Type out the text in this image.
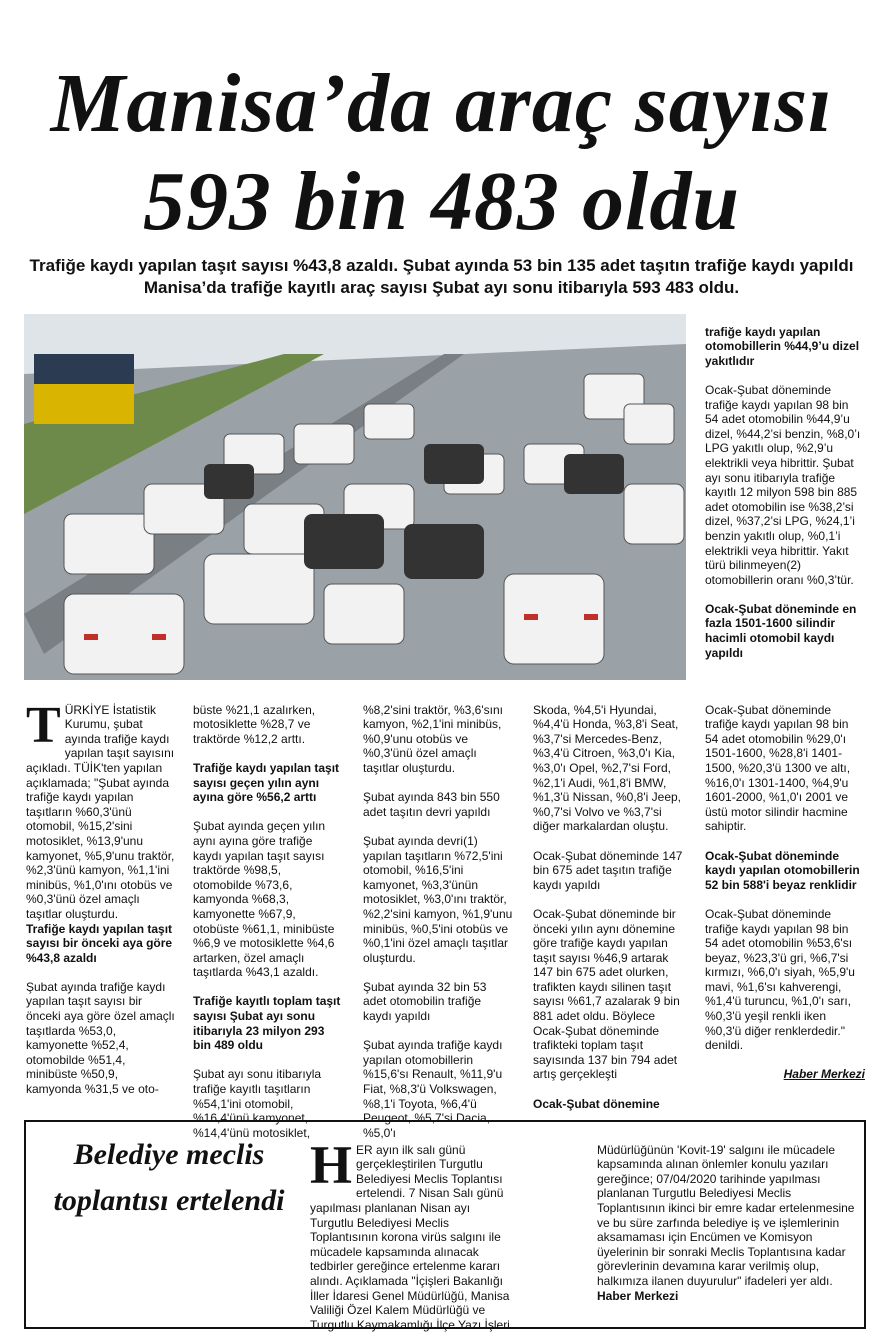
Manisa’da araç sayısı
593 bin 483 oldu
Trafiğe kaydı yapılan taşıt sayısı %43,8 azaldı. Şubat ayında 53 bin 135 adet taşıtın trafiğe kaydı yapıldı Manisa’da trafiğe kayıtlı araç sayısı Şubat ayı sonu itibarıyla 593 483 oldu.

trafiğe kaydı yapılan otomobillerin %44,9’u dizel yakıtlıdır

Ocak-Şubat döneminde trafiğe kaydı yapılan 98 bin 54 adet otomobilin %44,9’u dizel, %44,2’si benzin, %8,0’ı LPG yakıtlı olup, %2,9’u elektrikli veya hibrittir. Şubat ayı sonu itibarıyla trafiğe kayıtlı 12 milyon 598 bin 885 adet otomobilin ise %38,2’si dizel, %37,2’si LPG, %24,1’i benzin yakıtlı olup, %0,1’i elektrikli veya hibrittir. Yakıt türü bilinmeyen(2) otomobillerin oranı %0,3’tür.

Ocak-Şubat döneminde en fazla 1501-1600 silindir hacimli otomobil kaydı yapıldı

TÜRKİYE İstatistik Kurumu, şubat ayında trafiğe kaydı yapılan taşıt sayısını açıkladı. TÜİK'ten yapılan açıklamada; "Şubat ayında trafiğe kaydı yapılan taşıtların %60,3'ünü otomobil, %15,2'sini motosiklet, %13,9'unu kamyonet, %5,9'unu traktör, %2,3'ünü kamyon, %1,1'ini minibüs, %1,0'ını otobüs ve %0,3'ünü özel amaçlı taşıtlar oluşturdu.

Trafiğe kaydı yapılan taşıt sayısı bir önceki aya göre %43,8 azaldı

Şubat ayında trafiğe kaydı yapılan taşıt sayısı bir önceki aya göre özel amaçlı taşıtlarda %53,0, kamyonette %52,4, otomobilde %51,4, minibüste %50,9, kamyonda %31,5 ve oto-

büste %21,1 azalırken, motosiklette %28,7 ve traktörde %12,2 arttı.

Trafiğe kaydı yapılan taşıt sayısı geçen yılın aynı ayına göre %56,2 arttı

Şubat ayında geçen yılın aynı ayına göre trafiğe kaydı yapılan taşıt sayısı traktörde %98,5, otomobilde %73,6, kamyonda %68,3, kamyonette %67,9, otobüste %61,1, minibüste %6,9 ve motosiklette %4,6 artarken, özel amaçlı taşıtlarda %43,1 azaldı.

Trafiğe kayıtlı toplam taşıt sayısı Şubat ayı sonu itibarıyla 23 milyon 293 bin 489 oldu

Şubat ayı sonu itibarıyla trafiğe kayıtlı taşıtların %54,1'ini otomobil, %16,4'ünü kamyonet, %14,4'ünü motosiklet,

%8,2'sini traktör, %3,6'sını kamyon, %2,1'ini minibüs, %0,9'unu otobüs ve %0,3'ünü özel amaçlı taşıtlar oluşturdu.

Şubat ayında 843 bin 550 adet taşıtın devri yapıldı

Şubat ayında devri(1) yapılan taşıtların %72,5'ini otomobil, %16,5'ini kamyonet, %3,3'ünün motosiklet, %3,0'ını traktör, %2,2'sini kamyon, %1,9'unu minibüs, %0,5'ini otobüs ve %0,1'ini özel amaçlı taşıtlar oluşturdu.

Şubat ayında 32 bin 53 adet otomobilin trafiğe kaydı yapıldı

Şubat ayında trafiğe kaydı yapılan otomobillerin %15,6'sı Renault, %11,9'u Fiat, %8,3'ü Volkswagen, %8,1'i Toyota, %6,4'ü Peugeot, %5,7'si Dacia, %5,0'ı

Skoda, %4,5'i Hyundai, %4,4'ü Honda, %3,8'i Seat, %3,7'si Mercedes-Benz, %3,4'ü Citroen, %3,0'ı Kia, %3,0'ı Opel, %2,7'si Ford, %2,1'i Audi, %1,8'i BMW, %1,3'ü Nissan, %0,8'i Jeep, %0,7'si Volvo ve %3,7'si diğer markalardan oluştu.

Ocak-Şubat döneminde 147 bin 675 adet taşıtın trafiğe kaydı yapıldı

Ocak-Şubat döneminde bir önceki yılın aynı dönemine göre trafiğe kaydı yapılan taşıt sayısı %46,9 artarak 147 bin 675 adet olurken, trafikten kaydı silinen taşıt sayısı %61,7 azalarak 9 bin 881 adet oldu. Böylece Ocak-Şubat döneminde trafikteki toplam taşıt sayısında 137 bin 794 adet artış gerçekleşti

Ocak-Şubat dönemine

Ocak-Şubat döneminde trafiğe kaydı yapılan 98 bin 54 adet otomobilin %29,0'ı 1501-1600, %28,8'i 1401-1500, %20,3'ü 1300 ve altı, %16,0'ı 1301-1400, %4,9'u 1601-2000, %1,0'ı 2001 ve üstü motor silindir hacmine sahiptir.

Ocak-Şubat döneminde kaydı yapılan otomobillerin 52 bin 588'i beyaz renklidir

Ocak-Şubat döneminde trafiğe kaydı yapılan 98 bin 54 adet otomobilin %53,6'sı beyaz, %23,3'ü gri, %6,7'si kırmızı, %6,0'ı siyah, %5,9'u mavi, %1,6'sı kahverengi, %1,4'ü turuncu, %1,0'ı sarı, %0,3'ü yeşil renkli iken %0,3'ü diğer renklerdedir." denildi.

Haber Merkezi

Belediye meclis toplantısı ertelendi

HER ayın ilk salı günü gerçekleştirilen Turgutlu Belediyesi Meclis Toplantısı ertelendi. 7 Nisan Salı günü yapılması planlanan Nisan ayı Turgutlu Belediyesi Meclis Toplantısının korona virüs salgını ile mücadele kapsamında alınacak tedbirler gereğince ertelenme kararı alındı. Açıklamada "İçişleri Bakanlığı İller İdaresi Genel Müdürlüğü, Manisa Valiliği Özel Kalem Müdürlüğü ve Turgutlu Kaymakamlığı İlçe Yazı İşleri

Müdürlüğünün 'Kovit-19' salgını ile mücadele kapsamında alınan önlemler konulu yazıları gereğince; 07/04/2020 tarihinde yapılması planlanan Turgutlu Belediyesi Meclis Toplantısının ikinci bir emre kadar ertelenmesine ve bu süre zarfında belediye iş ve işlemlerinin aksamaması için Encümen ve Komisyon üyelerinin bir sonraki Meclis Toplantısına kadar görevlerinin devamına karar verilmiş olup, halkımıza ilanen duyurulur" ifadeleri yer aldı.
Haber Merkezi
